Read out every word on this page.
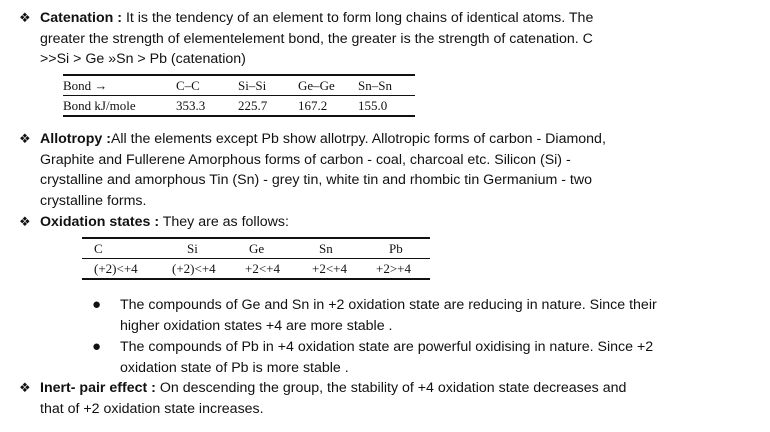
❖ Catenation : It is the tendency of an element to form long chains of identical atoms. The
greater the strength of elementelement bond, the greater is the strength of catenation. C
>>Si > Ge »Sn > Pb (catenation)
Bond →	C–C	Si–Si	Ge–Ge	Sn–Sn
Bond kJ/mole	353.3	225.7	167.2	155.0
❖ Allotropy :All the elements except Pb show allotrpy. Allotropic forms of carbon - Diamond,
Graphite and Fullerene Amorphous forms of carbon - coal, charcoal etc. Silicon (Si) -
crystalline and amorphous Tin (Sn) - grey tin, white tin and rhombic tin Germanium - two
crystalline forms.
❖ Oxidation states : They are as follows:
C	Si	Ge	Sn	Pb
(+2)<+4	(+2)<+4	+2<+4	+2<+4	+2>+4
● The compounds of Ge and Sn in +2 oxidation state are reducing in nature. Since their
higher oxidation states +4 are more stable .
● The compounds of Pb in +4 oxidation state are powerful oxidising in nature. Since +2
oxidation state of Pb is more stable .
❖ Inert- pair effect : On descending the group, the stability of +4 oxidation state decreases and
that of +2 oxidation state increases.
